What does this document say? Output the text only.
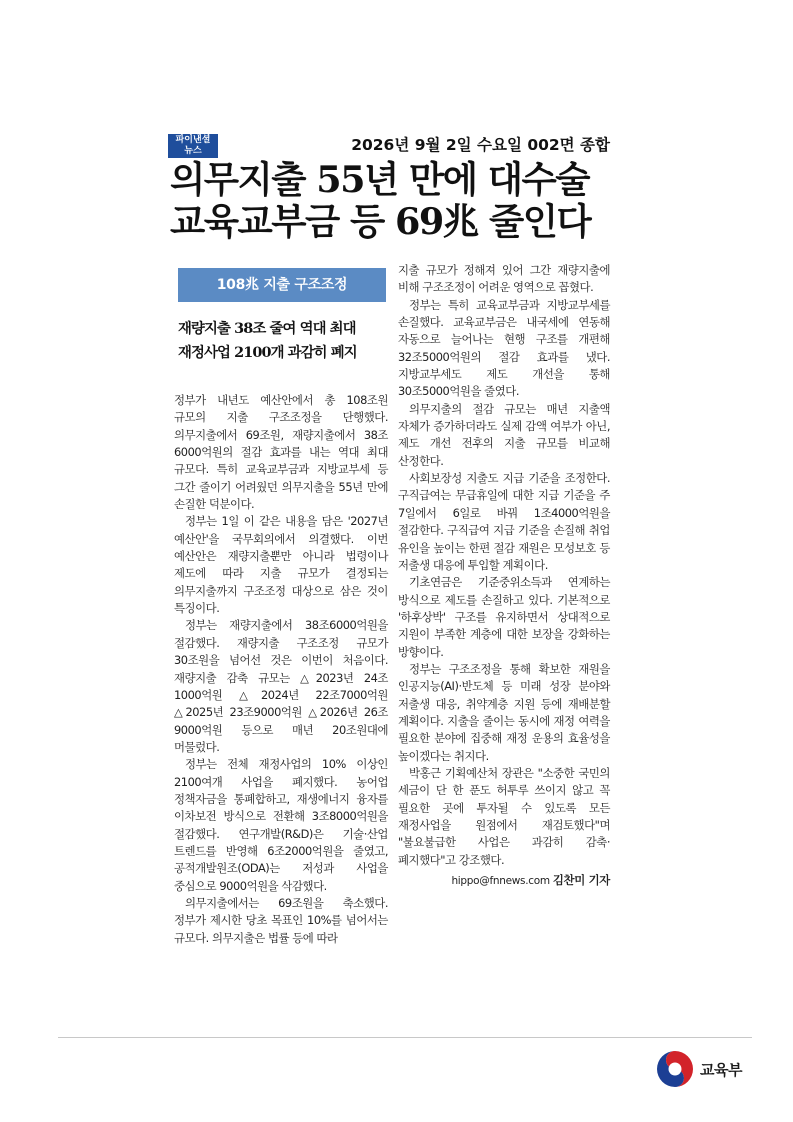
파이낸셜
뉴스	2026년 9월 2일 수요일 002면 종합
의무지출 55년 만에 대수술
교육교부금 등 69兆 줄인다
108兆 지출 구조조정
재량지출 38조 줄여 역대 최대
재정사업 2100개 과감히 폐지

정부가 내년도 예산안에서 총 108조원 규모의 지출 구조조정을 단행했다. 의무지출에서 69조원, 재량지출에서 38조 6000억원의 절감 효과를 내는 역대 최대 규모다. 특히 교육교부금과 지방교부세 등 그간 줄이기 어려웠던 의무지출을 55년 만에 손질한 덕분이다.

정부는 1일 이 같은 내용을 담은 '2027년 예산안'을 국무회의에서 의결했다. 이번 예산안은 재량지출뿐만 아니라 법령이나 제도에 따라 지출 규모가 결정되는 의무지출까지 구조조정 대상으로 삼은 것이 특징이다.

정부는 재량지출에서 38조6000억원을 절감했다. 재량지출 구조조정 규모가 30조원을 넘어선 것은 이번이 처음이다. 재량지출 감축 규모는 △2023년 24조 1000억원 △2024년 22조7000억원 △2025년 23조9000억원 △2026년 26조 9000억원 등으로 매년 20조원대에 머물렀다.

정부는 전체 재정사업의 10% 이상인 2100여개 사업을 폐지했다. 농어업 정책자금을 통폐합하고, 재생에너지 융자를 이차보전 방식으로 전환해 3조8000억원을 절감했다. 연구개발(R&D)은 기술·산업 트렌드를 반영해 6조2000억원을 줄였고, 공적개발원조(ODA)는 저성과 사업을 중심으로 9000억원을 삭감했다.

의무지출에서는 69조원을 축소했다. 정부가 제시한 당초 목표인 10%를 넘어서는 규모다. 의무지출은 법률 등에 따라

지출 규모가 정해져 있어 그간 재량지출에 비해 구조조정이 어려운 영역으로 꼽혔다.

정부는 특히 교육교부금과 지방교부세를 손질했다. 교육교부금은 내국세에 연동해 자동으로 늘어나는 현행 구조를 개편해 32조5000억원의 절감 효과를 냈다. 지방교부세도 제도 개선을 통해 30조5000억원을 줄였다.

의무지출의 절감 규모는 매년 지출액 자체가 증가하더라도 실제 감액 여부가 아닌, 제도 개선 전후의 지출 규모를 비교해 산정한다.

사회보장성 지출도 지급 기준을 조정한다. 구직급여는 무급휴일에 대한 지급 기준을 주 7일에서 6일로 바꿔 1조4000억원을 절감한다. 구직급여 지급 기준을 손질해 취업 유인을 높이는 한편 절감 재원은 모성보호 등 저출생 대응에 투입할 계획이다.

기초연금은 기준중위소득과 연계하는 방식으로 제도를 손질하고 있다. 기본적으로 '하후상박' 구조를 유지하면서 상대적으로 지원이 부족한 계층에 대한 보장을 강화하는 방향이다.

정부는 구조조정을 통해 확보한 재원을 인공지능(AI)·반도체 등 미래 성장 분야와 저출생 대응, 취약계층 지원 등에 재배분할 계획이다. 지출을 줄이는 동시에 재정 여력을 필요한 분야에 집중해 재정 운용의 효율성을 높이겠다는 취지다.

박홍근 기획예산처 장관은 "소중한 국민의 세금이 단 한 푼도 허투루 쓰이지 않고 꼭 필요한 곳에 투자될 수 있도록 모든 재정사업을 원점에서 재검토했다"며 "불요불급한 사업은 과감히 감축·폐지했다"고 강조했다.

hippo@fnnews.com 김찬미 기자
교육부
